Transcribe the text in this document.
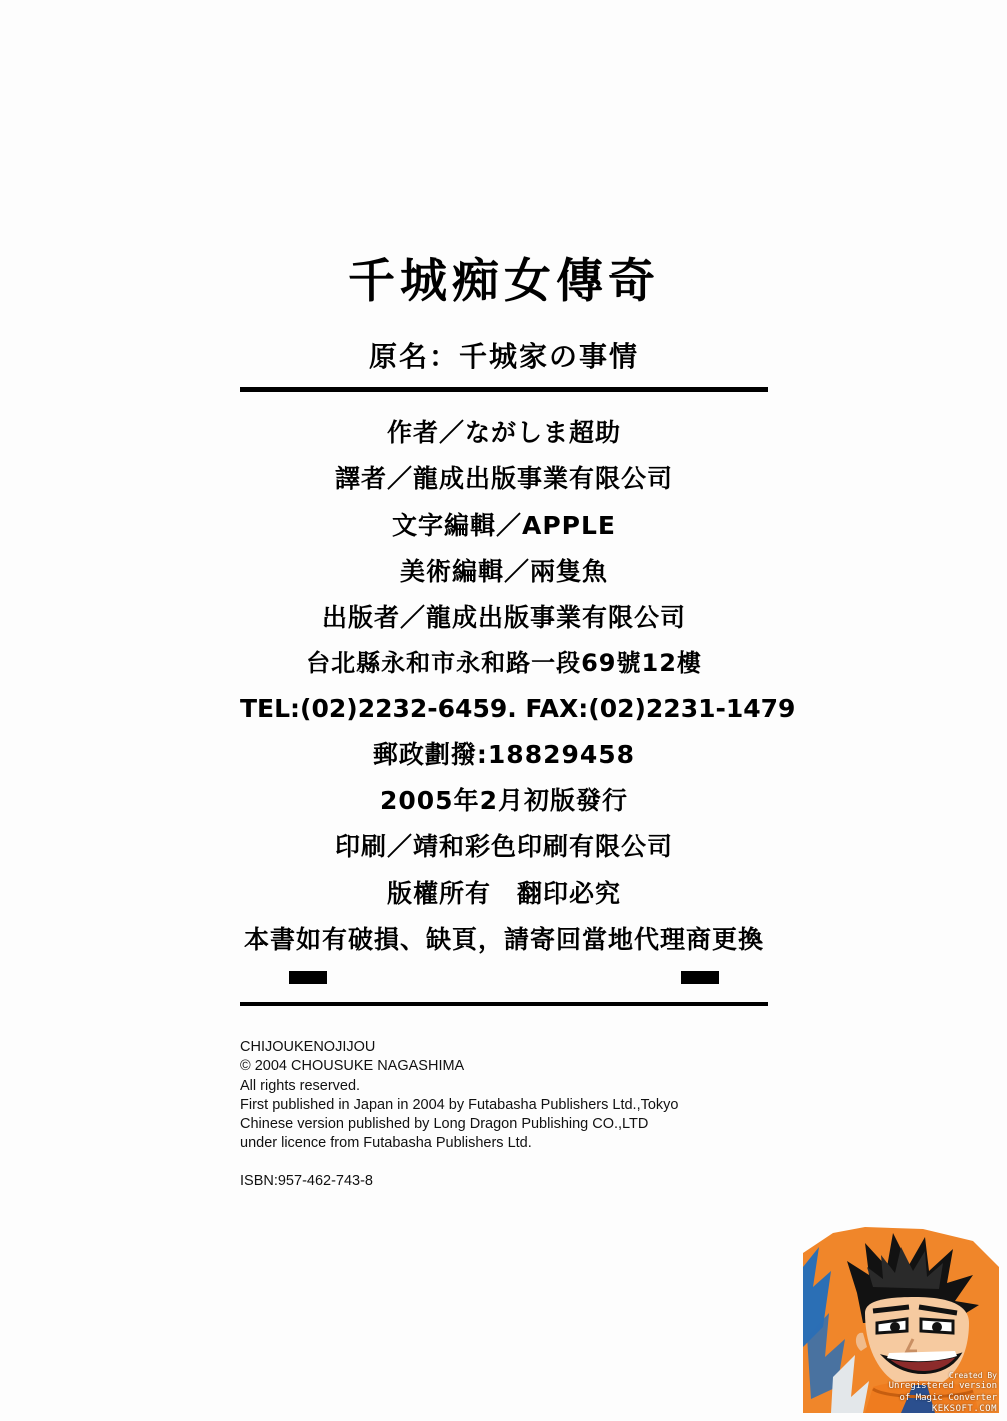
千城痴女傳奇
原名：千城家の事情
作者／ながしま超助
譯者／龍成出版事業有限公司
文字編輯／APPLE
美術編輯／兩隻魚
出版者／龍成出版事業有限公司
台北縣永和市永和路一段69號12樓
TEL:(02)2232-6459. FAX:(02)2231-1479
郵政劃撥:18829458
2005年2月初版發行
印刷／靖和彩色印刷有限公司
版權所有　翻印必究
本書如有破損、缺頁，請寄回當地代理商更換
CHIJOUKENOJIJOU
© 2004 CHOUSUKE NAGASHIMA
All rights reserved.
First published in Japan in 2004 by Futabasha Publishers Ltd.,Tokyo
Chinese version published by Long Dragon Publishing CO.,LTD
under licence from Futabasha Publishers Ltd.
ISBN:957-462-743-8
Created By
Unregistered version
of Magic Converter
KEKSOFT.COM
